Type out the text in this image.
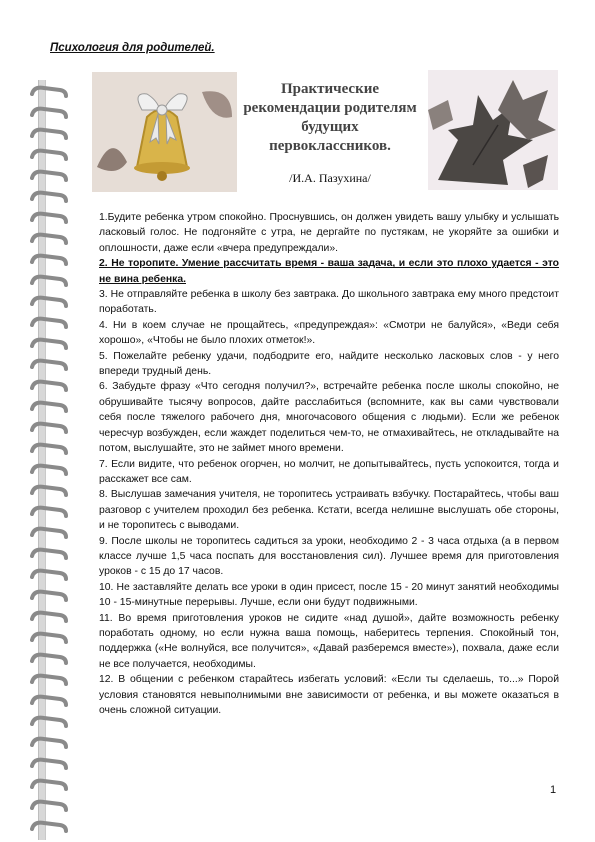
Психология для родителей.
Практические рекомендации родителям будущих первоклассников.
/И.А. Пазухина/

1.Будите ребенка утром спокойно. Проснувшись, он должен увидеть вашу улыбку и услышать ласковый голос. Не подгоняйте с утра, не дергайте по пустякам, не укоряйте за ошибки и оплошности, даже если «вчера предупреждали».

2. Не торопите. Умение рассчитать время - ваша задача, и если это плохо удается - это не вина ребенка.

3. Не отправляйте ребенка в школу без завтрака. До школьного завтрака ему много предстоит поработать.

4. Ни в коем случае не прощайтесь, «предупреждая»: «Смотри не балуйся», «Веди себя хорошо», «Чтобы не было плохих отметок!».

5. Пожелайте ребенку удачи, подбодрите его, найдите несколько ласковых слов - у него впереди трудный день.

6. Забудьте фразу «Что сегодня получил?», встречайте ребенка после школы спокойно, не обрушивайте тысячу вопросов, дайте расслабиться (вспомните, как вы сами чувствовали себя после тяжелого рабочего дня, многочасового общения с людьми). Если же ребенок чересчур возбужден, если жаждет поделиться чем-то, не отмахивайтесь, не откладывайте на потом, выслушайте, это не займет много времени.

7. Если видите, что ребенок огорчен, но молчит, не допытывайтесь, пусть успокоится, тогда и расскажет все сам.

8. Выслушав замечания учителя, не торопитесь устраивать взбучку. Постарайтесь, чтобы ваш разговор с учителем проходил без ребенка. Кстати, всегда нелишне выслушать обе стороны, и не торопитесь с выводами.

9. После школы не торопитесь садиться за уроки, необходимо 2 - 3 часа отдыха (а в первом классе лучше 1,5 часа поспать для восстановления сил). Лучшее время для приготовления уроков - с 15 до 17 часов.

10. Не заставляйте делать все уроки в один присест, после 15 - 20 минут занятий необходимы 10 - 15-минутные перерывы. Лучше, если они будут подвижными.

11. Во время приготовления уроков не сидите «над душой», дайте возможность ребенку поработать одному, но если нужна ваша помощь, наберитесь терпения. Спокойный тон, поддержка («Не волнуйся, все получится», «Давай разберемся вместе»), похвала, даже если не все получается, необходимы.

12. В общении с ребенком старайтесь избегать условий: «Если ты сделаешь, то...» Порой условия становятся невыполнимыми вне зависимости от ребенка, и вы можете оказаться в очень сложной ситуации.

1
